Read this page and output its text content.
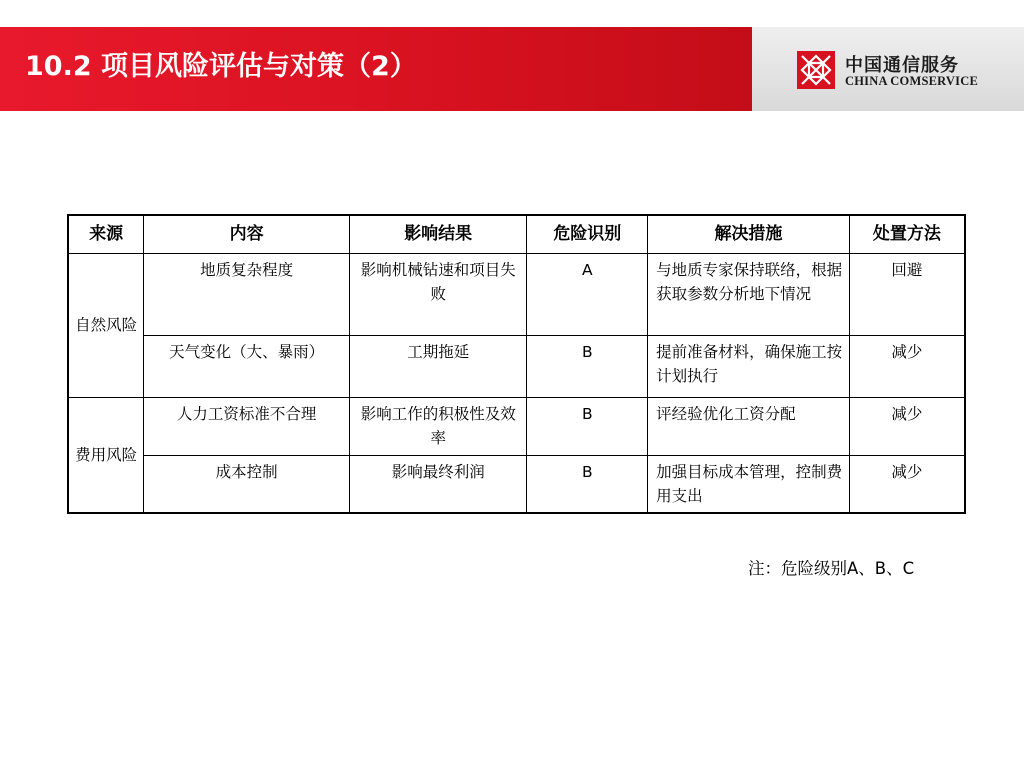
10.2 项目风险评估与对策（2）	中国通信服务
CHINA COMSERVICE
来源	内容	影响结果	危险识别	解决措施	处置方法
自然风险	地质复杂程度	影响机械钻速和项目失败	A	与地质专家保持联络，根据获取参数分析地下情况	回避
	天气变化（大、暴雨）	工期拖延	B	提前准备材料，确保施工按计划执行	减少
费用风险	人力工资标准不合理	影响工作的积极性及效率	B	评经验优化工资分配	减少
	成本控制	影响最终利润	B	加强目标成本管理，控制费用支出	减少
注：危险级别A、B、C
